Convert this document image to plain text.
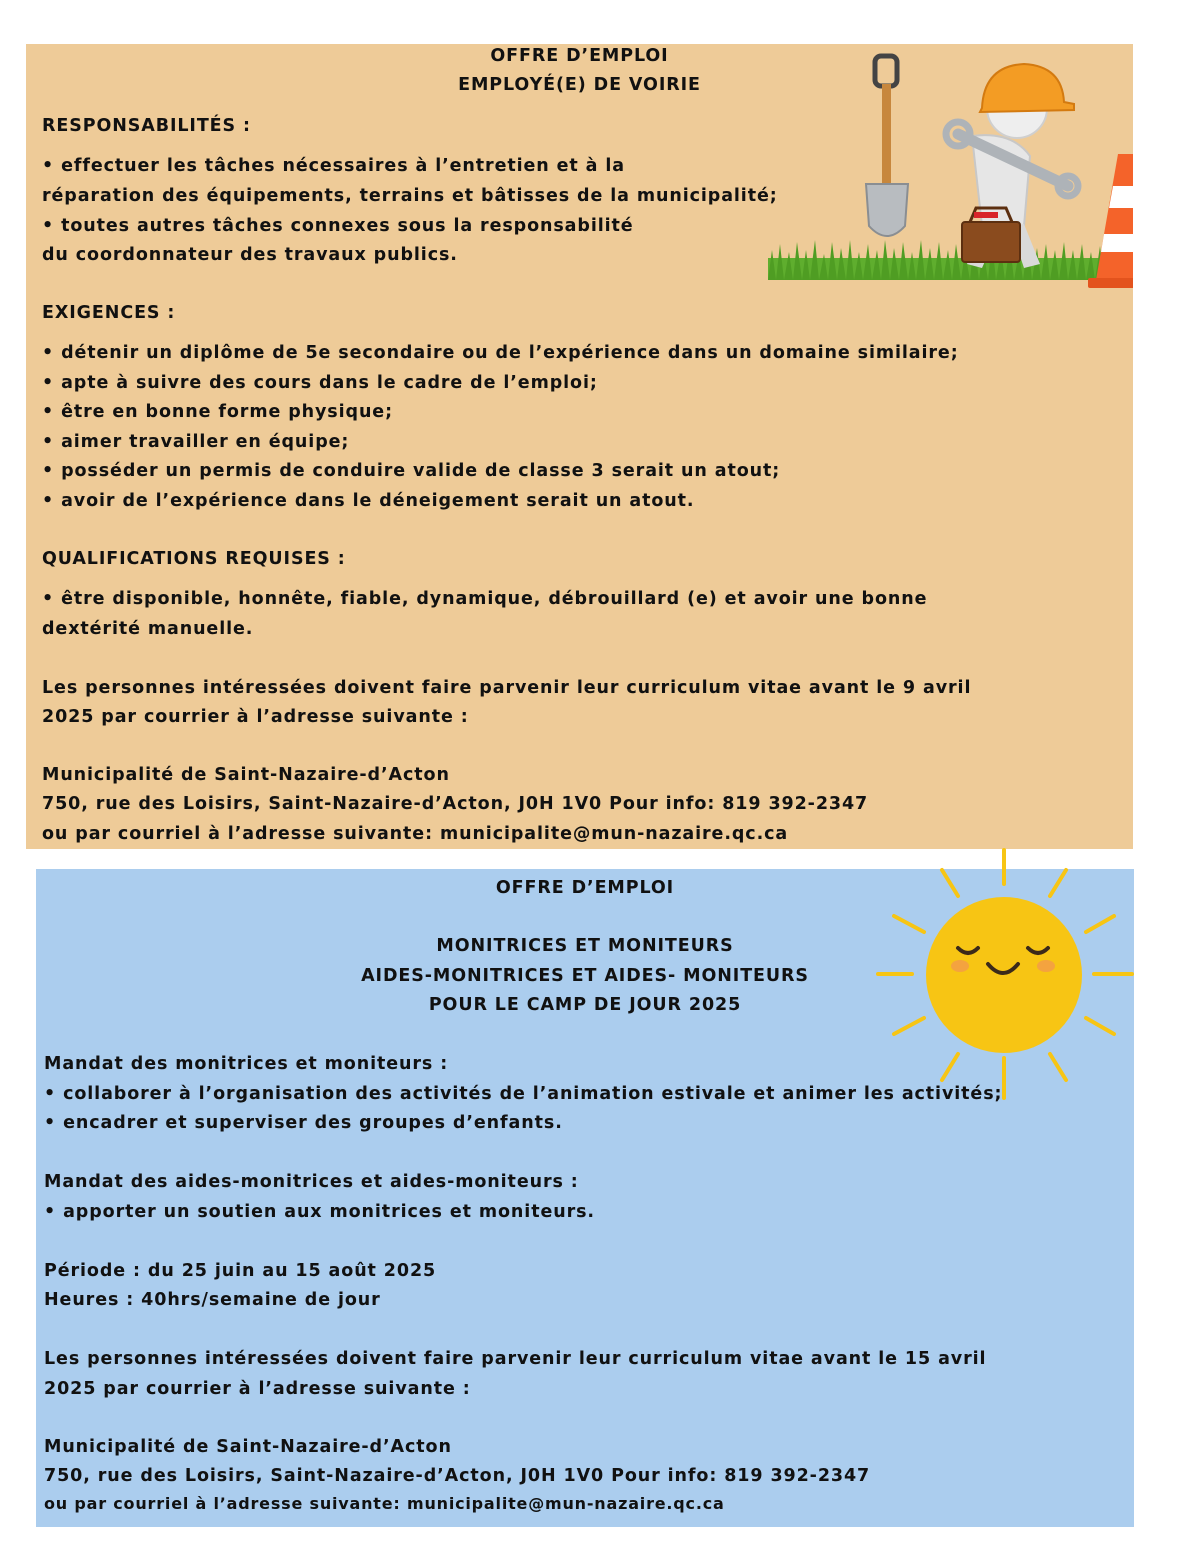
OFFRE D’EMPLOI

EMPLOYÉ(E) DE VOIRIE

RESPONSABILITÉS :

• effectuer les tâches nécessaires à l’entretien et à la

réparation des équipements, terrains et bâtisses de la municipalité;

• toutes autres tâches connexes sous la responsabilité

du coordonnateur des travaux publics.

EXIGENCES :

• détenir un diplôme de 5e secondaire ou de l’expérience dans un domaine similaire;

• apte à suivre des cours dans le cadre de l’emploi;

• être en bonne forme physique;

• aimer travailler en équipe;

• posséder un permis de conduire valide de classe 3 serait un atout;

• avoir de l’expérience dans le déneigement serait un atout.

QUALIFICATIONS REQUISES :

• être disponible, honnête, fiable, dynamique, débrouillard (e) et avoir une bonne

dextérité manuelle.

Les personnes intéressées doivent faire parvenir leur curriculum vitae avant le 9 avril

2025 par courrier à l’adresse suivante :

Municipalité de Saint-Nazaire-d’Acton

750, rue des Loisirs, Saint-Nazaire-d’Acton, J0H 1V0 Pour info: 819 392-2347

ou par courriel à l’adresse suivante: municipalite@mun-nazaire.qc.ca

OFFRE D’EMPLOI

MONITRICES ET MONITEURS

AIDES-MONITRICES ET AIDES- MONITEURS

POUR LE CAMP DE JOUR 2025

Mandat des monitrices et moniteurs :

• collaborer à l’organisation des activités de l’animation estivale et animer les activités;

• encadrer et superviser des groupes d’enfants.

Mandat des aides-monitrices et aides-moniteurs :

• apporter un soutien aux monitrices et moniteurs.

Période : du 25 juin au 15 août 2025

Heures : 40hrs/semaine de jour

Les personnes intéressées doivent faire parvenir leur curriculum vitae avant le 15 avril

2025 par courrier à l’adresse suivante :

Municipalité de Saint-Nazaire-d’Acton

750, rue des Loisirs, Saint-Nazaire-d’Acton, J0H 1V0 Pour info: 819 392-2347

ou par courriel à l’adresse suivante: municipalite@mun-nazaire.qc.ca
